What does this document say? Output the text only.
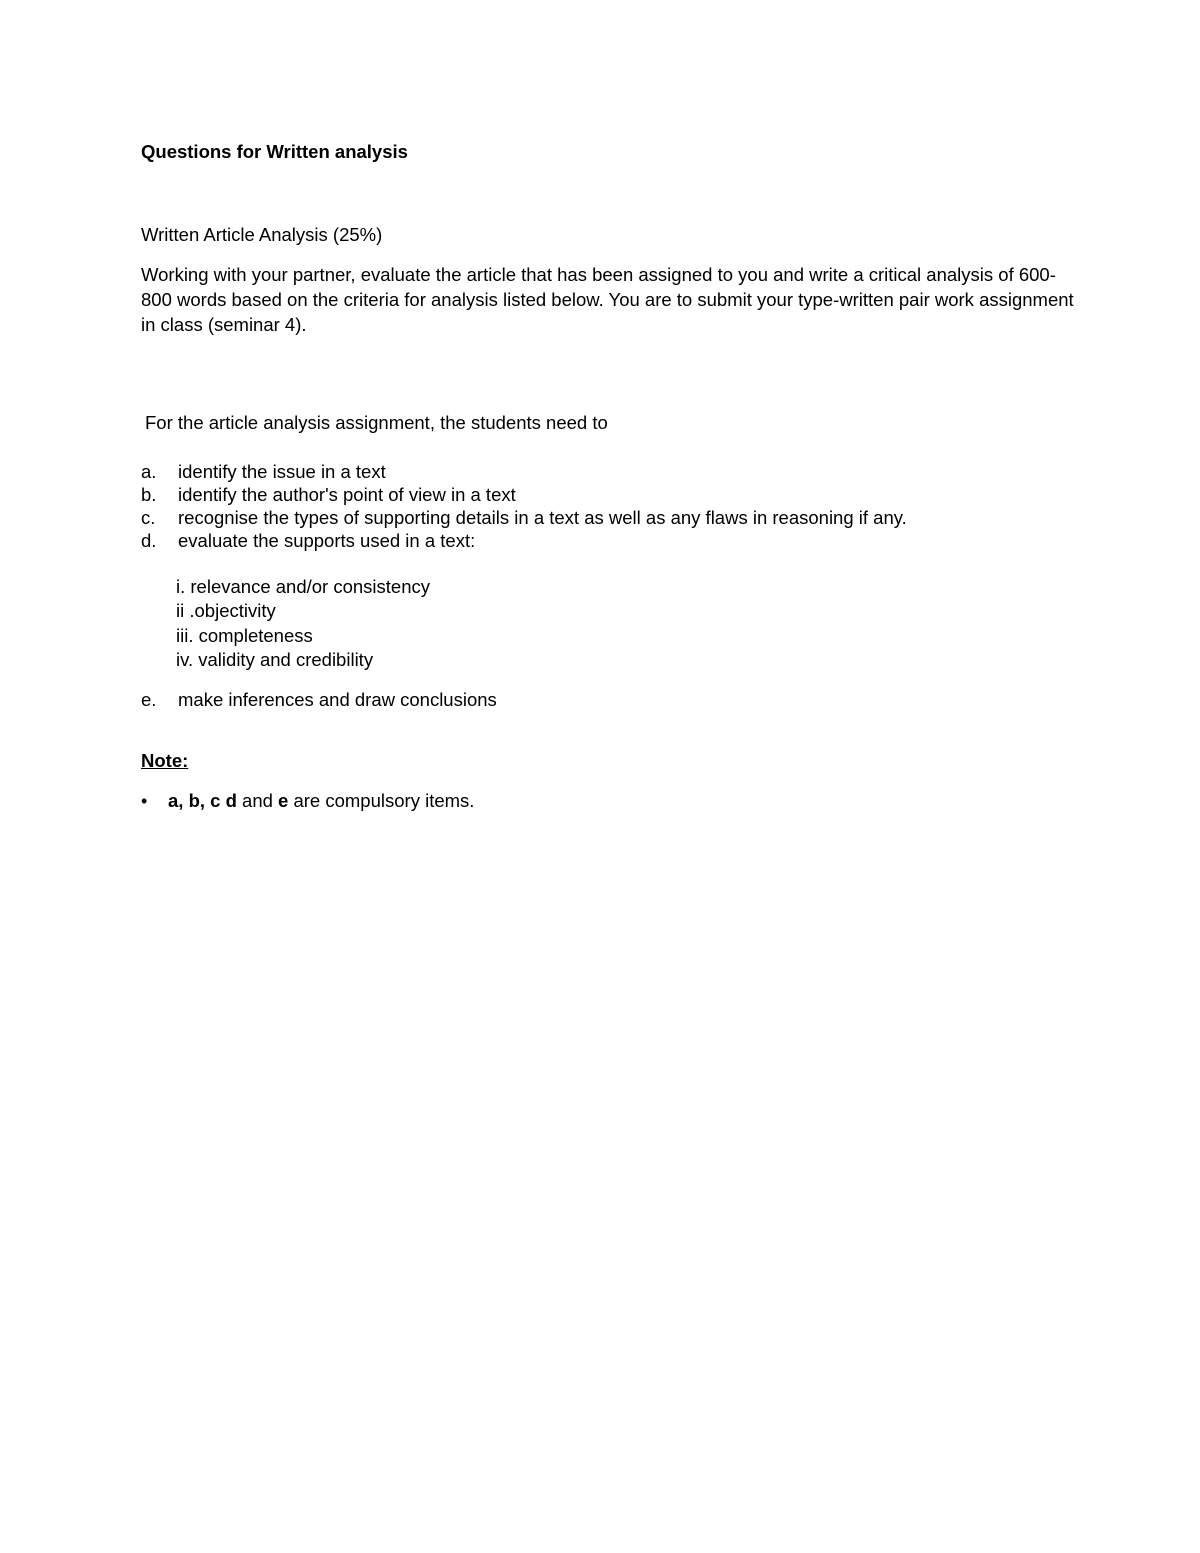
Questions for Written analysis
Written Article Analysis (25%)
Working with your partner, evaluate the article that has been assigned to you and write a critical analysis of 600-800 words based on the criteria for analysis listed below. You are to submit your type-written pair work assignment in class (seminar 4).
For the article analysis assignment, the students need to
a. identify the issue in a text
b. identify the author's point of view in a text
c. recognise the types of supporting details in a text as well as any flaws in reasoning if any.
d. evaluate the supports used in a text:
i. relevance and/or consistency
ii .objectivity
iii. completeness
iv. validity and credibility
e. make inferences and draw conclusions
Note:
• a, b, c d and e are compulsory items.
